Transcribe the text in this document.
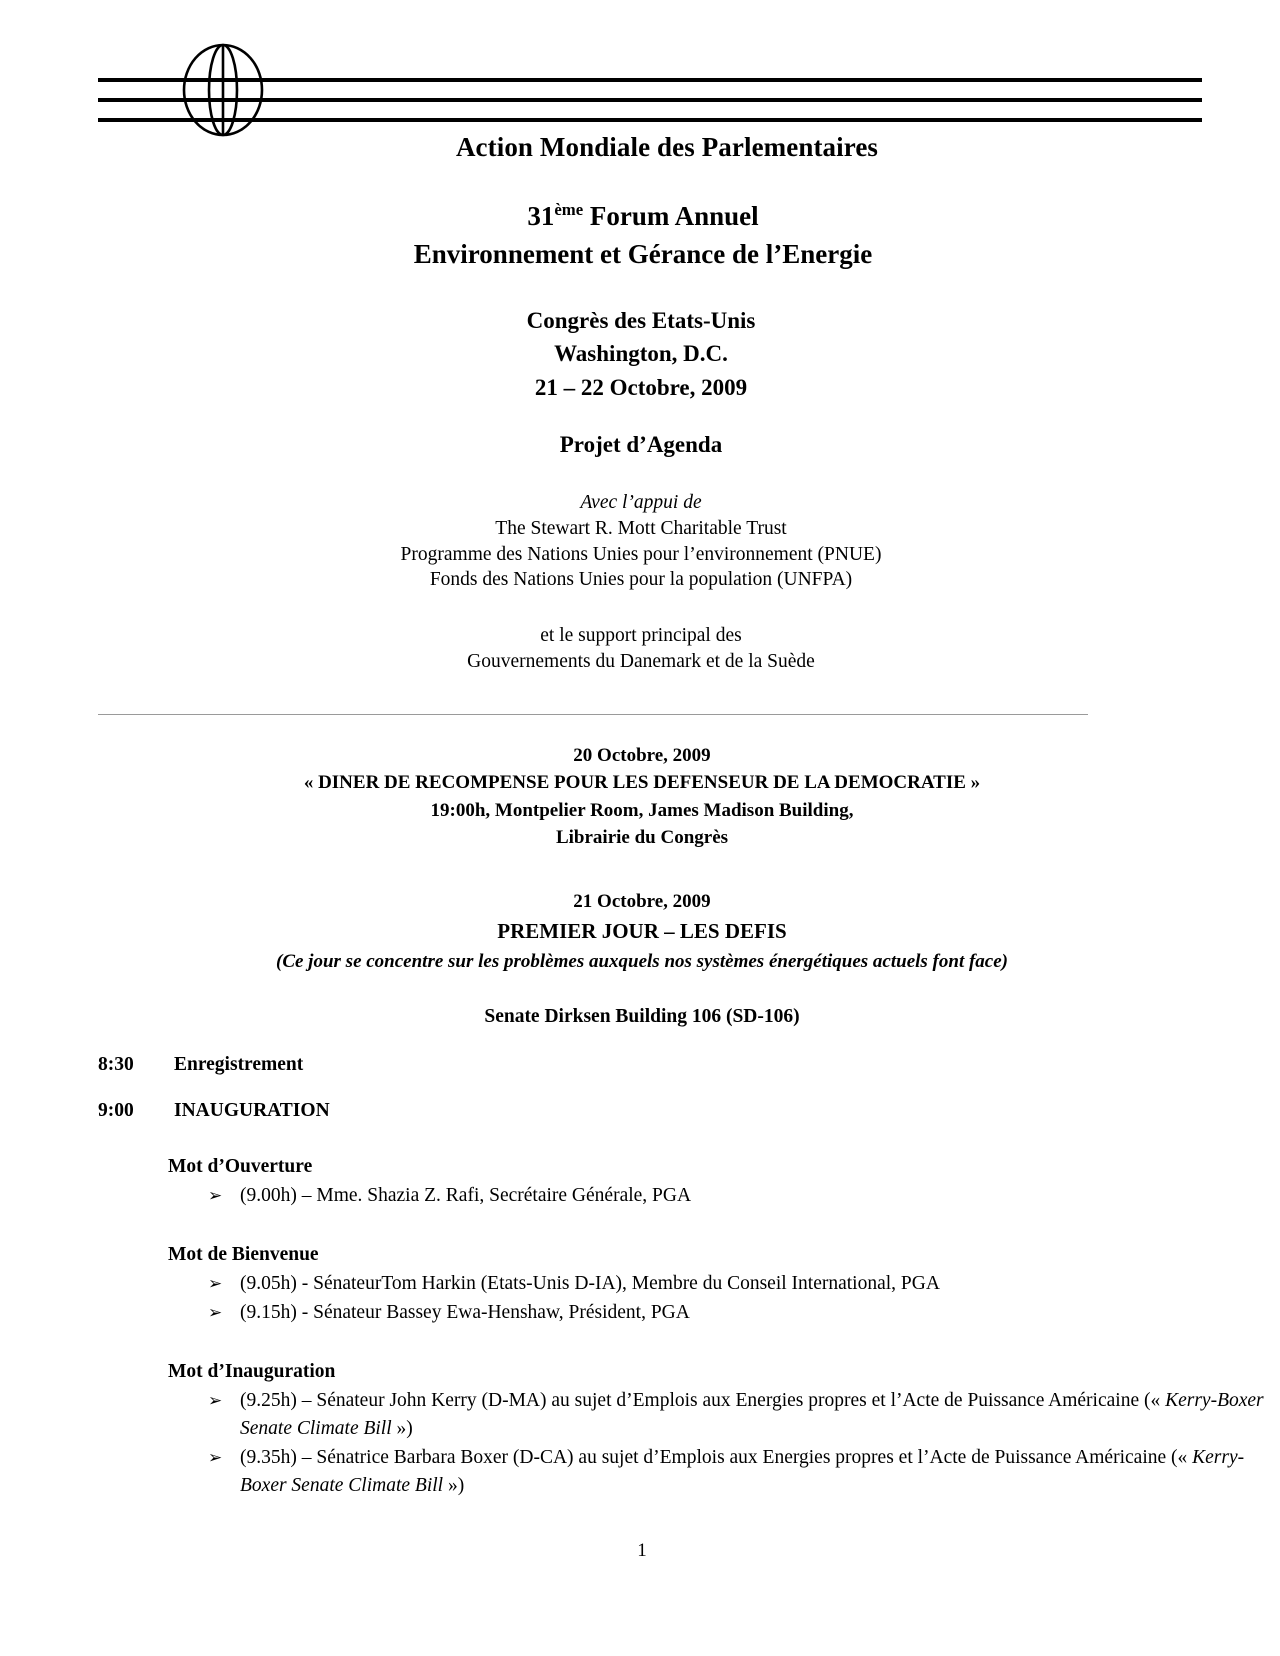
Action Mondiale des Parlementaires
31ème Forum Annuel
Environnement et Gérance de l’Energie
Congrès des Etats-Unis
Washington, D.C.
21 – 22 Octobre, 2009
Projet d’Agenda
Avec l’appui de
The Stewart R. Mott Charitable Trust
Programme des Nations Unies pour l’environnement (PNUE)
Fonds des Nations Unies pour la population (UNFPA)
et le support principal des
Gouvernements du Danemark et de la Suède
20 Octobre, 2009
« DINER DE RECOMPENSE POUR LES DEFENSEUR DE LA DEMOCRATIE »
19:00h, Montpelier Room, James Madison Building,
Librairie du Congrès
21 Octobre, 2009
PREMIER JOUR – LES DEFIS
(Ce jour se concentre sur les problèmes auxquels nos systèmes énergétiques actuels font face)
Senate Dirksen Building 106 (SD-106)
8:30	Enregistrement
9:00	INAUGURATION
Mot d’Ouverture
➢ (9.00h) – Mme. Shazia Z. Rafi, Secrétaire Générale, PGA
Mot de Bienvenue
➢ (9.05h) - SénateurTom Harkin (Etats-Unis D-IA), Membre du Conseil International, PGA
➢ (9.15h) - Sénateur Bassey Ewa-Henshaw, Président, PGA
Mot d’Inauguration
➢ (9.25h) – Sénateur John Kerry (D-MA) au sujet d’Emplois aux Energies propres et l’Acte de Puissance Américaine (« Kerry-Boxer Senate Climate Bill »)
➢ (9.35h) – Sénatrice Barbara Boxer (D-CA) au sujet d’Emplois aux Energies propres et l’Acte de Puissance Américaine (« Kerry-Boxer Senate Climate Bill »)
1
